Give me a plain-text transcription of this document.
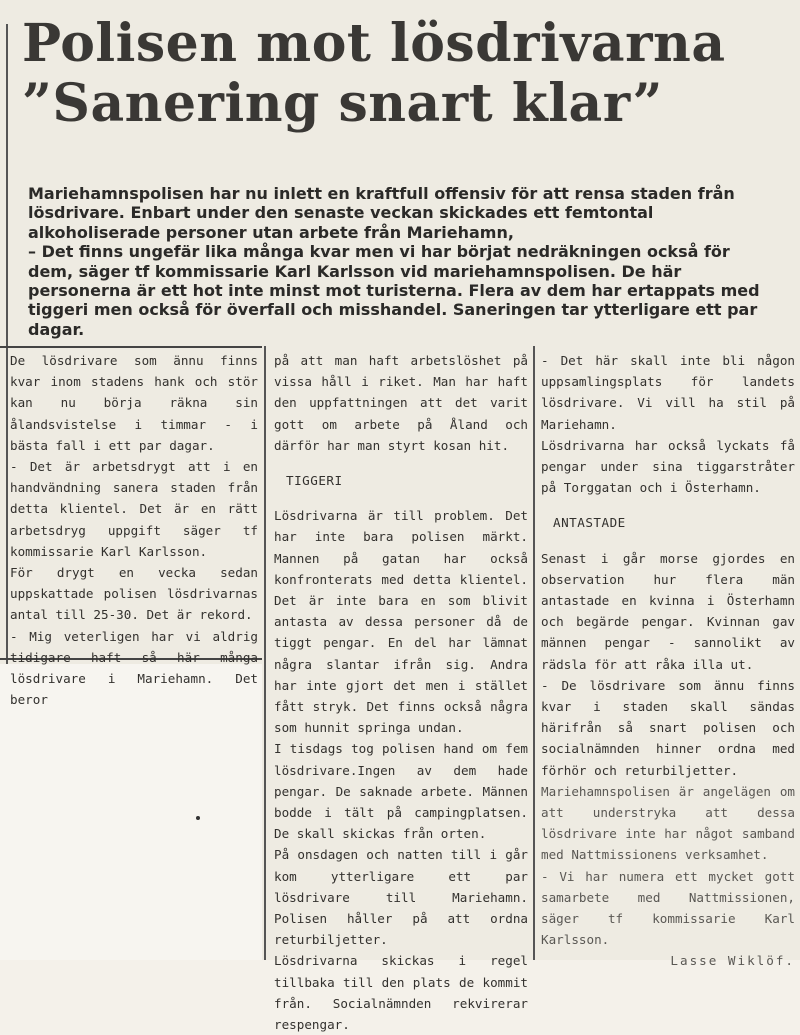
Polisen mot lösdrivarna
”Sanering snart klar”

Mariehamnspolisen har nu inlett en kraftfull offensiv för att rensa staden från lösdrivare. Enbart under den senaste veckan skickades ett femtontal alkoholiserade personer utan arbete från Mariehamn,

– Det finns ungefär lika många kvar men vi har börjat nedräkningen också för dem, säger tf kommissarie Karl Karlsson vid mariehamnspolisen. De här personerna är ett hot inte minst mot turisterna. Flera av dem har ertappats med tiggeri men också för överfall och misshandel. Saneringen tar ytterligare ett par dagar.

De lösdrivare som ännu finns kvar inom stadens hank och stör kan nu börja räkna sin ålandsvistelse i timmar - i bästa fall i ett par dagar.

- Det är arbetsdrygt att i en handvändning sanera staden från detta klientel. Det är en rätt arbetsdryg uppgift säger tf kommissarie Karl Karlsson.

För drygt en vecka sedan uppskattade polisen lösdrivarnas antal till 25-30. Det är rekord.

- Mig veterligen har vi aldrig tidigare haft så här många lösdrivare i Mariehamn. Det beror

på att man haft arbetslöshet på vissa håll i riket. Man har haft den uppfattningen att det varit gott om arbete på Åland och därför har man styrt kosan hit.

TIGGERI

Lösdrivarna är till problem. Det har inte bara polisen märkt. Mannen på gatan har också konfronterats med detta klientel. Det är inte bara en som blivit antasta av dessa personer då de tiggt pengar. En del har lämnat några slantar ifrån sig. Andra har inte gjort det men i stället fått stryk. Det finns också några som hunnit springa undan.

I tisdags tog polisen hand om fem lösdrivare.Ingen av dem hade pengar. De saknade arbete. Männen bodde i tält på campingplatsen. De skall skickas från orten.

På onsdagen och natten till i går kom ytterligare ett par lösdrivare till Mariehamn. Polisen håller på att ordna returbiljetter.

Lösdrivarna skickas i regel tillbaka till den plats de kommit från. Socialnämnden rekvirerar respengar.

- Det här skall inte bli någon uppsamlingsplats för landets lösdrivare. Vi vill ha stil på Mariehamn.

Lösdrivarna har också lyckats få pengar under sina tiggarstråter på Torggatan och i Österhamn.

ANTASTADE

Senast i går morse gjordes en observation hur flera män antastade en kvinna i Österhamn och begärde pengar. Kvinnan gav männen pengar - sannolikt av rädsla för att råka illa ut.

- De lösdrivare som ännu finns kvar i staden skall sändas härifrån så snart polisen och socialnämnden hinner ordna med förhör och returbiljetter.

Mariehamnspolisen är angelägen om att understryka att dessa lösdrivare inte har något samband med Nattmissionens verksamhet.

- Vi har numera ett mycket gott samarbete med Nattmissionen, säger tf kommissarie Karl Karlsson.

Lasse Wiklöf.
